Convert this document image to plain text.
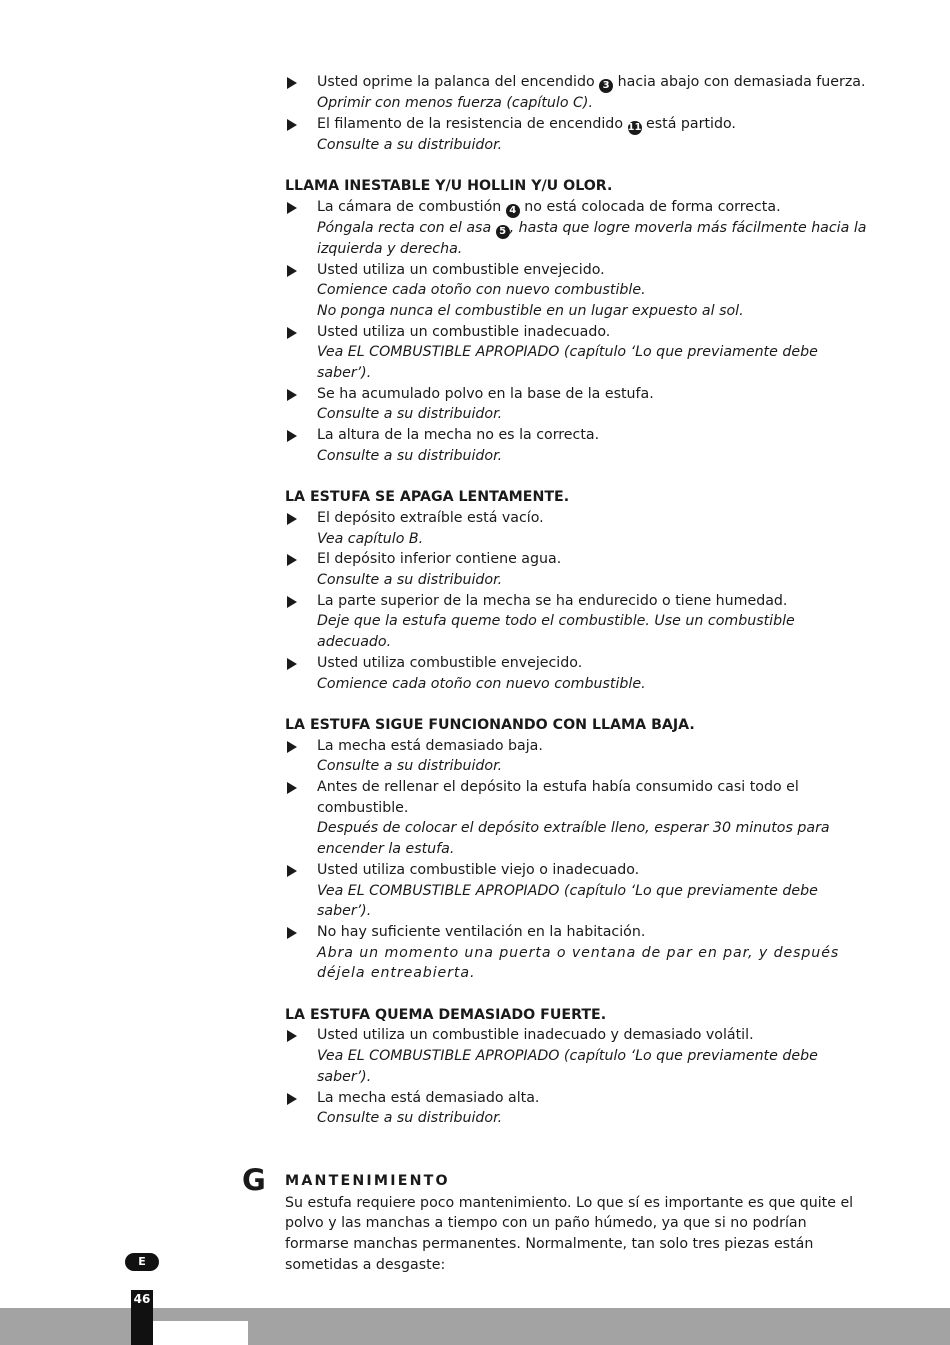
Usted oprime la palanca del encendido 3 hacia abajo con demasiada fuerza.
Oprimir con menos fuerza (capítulo C).
El filamento de la resistencia de encendido 11 está partido.
Consulte a su distribuidor.
LLAMA INESTABLE Y/U HOLLIN Y/U OLOR.
La cámara de combustión 4 no está colocada de forma correcta.
Póngala recta con el asa 5 , hasta que logre moverla más fácilmente hacia la izquierda y derecha.
Usted utiliza un combustible envejecido.
Comience cada otoño con nuevo combustible.
No ponga nunca el combustible en un lugar expuesto al sol.
Usted utiliza un combustible inadecuado.
Vea EL COMBUSTIBLE APROPIADO (capítulo ‘Lo que previamente debe saber’).
Se ha acumulado polvo en la base de la estufa.
Consulte a su distribuidor.
La altura de la mecha no es la correcta.
Consulte a su distribuidor.
LA ESTUFA SE APAGA LENTAMENTE.
El depósito extraíble está vacío.
Vea capítulo B.
El depósito inferior contiene agua.
Consulte a su distribuidor.
La parte superior de la mecha se ha endurecido o tiene humedad.
Deje que la estufa queme todo el combustible. Use un combustible adecuado.
Usted utiliza combustible envejecido.
Comience cada otoño con nuevo combustible.
LA ESTUFA SIGUE FUNCIONANDO CON LLAMA BAJA.
La mecha está demasiado baja.
Consulte a su distribuidor.
Antes de rellenar el depósito la estufa había consumido casi todo el combustible.
Después de colocar el depósito extraíble lleno, esperar 30 minutos para encender la estufa.
Usted utiliza combustible viejo o inadecuado.
Vea EL COMBUSTIBLE APROPIADO (capítulo ‘Lo que previamente debe saber’).
No hay suficiente ventilación en la habitación.
Abra un momento una puerta o ventana de par en par, y después déjela entreabierta.
LA ESTUFA QUEMA DEMASIADO FUERTE.
Usted utiliza un combustible inadecuado y demasiado volátil.
Vea EL COMBUSTIBLE APROPIADO (capítulo ‘Lo que previamente debe saber’).
La mecha está demasiado alta.
Consulte a su distribuidor.
G MANTENIMIENTO
Su estufa requiere poco mantenimiento. Lo que sí es importante es que quite el polvo y las manchas a tiempo con un paño húmedo, ya que si no podrían formarse manchas permanentes. Normalmente, tan solo tres piezas están sometidas a desgaste:
E
46
